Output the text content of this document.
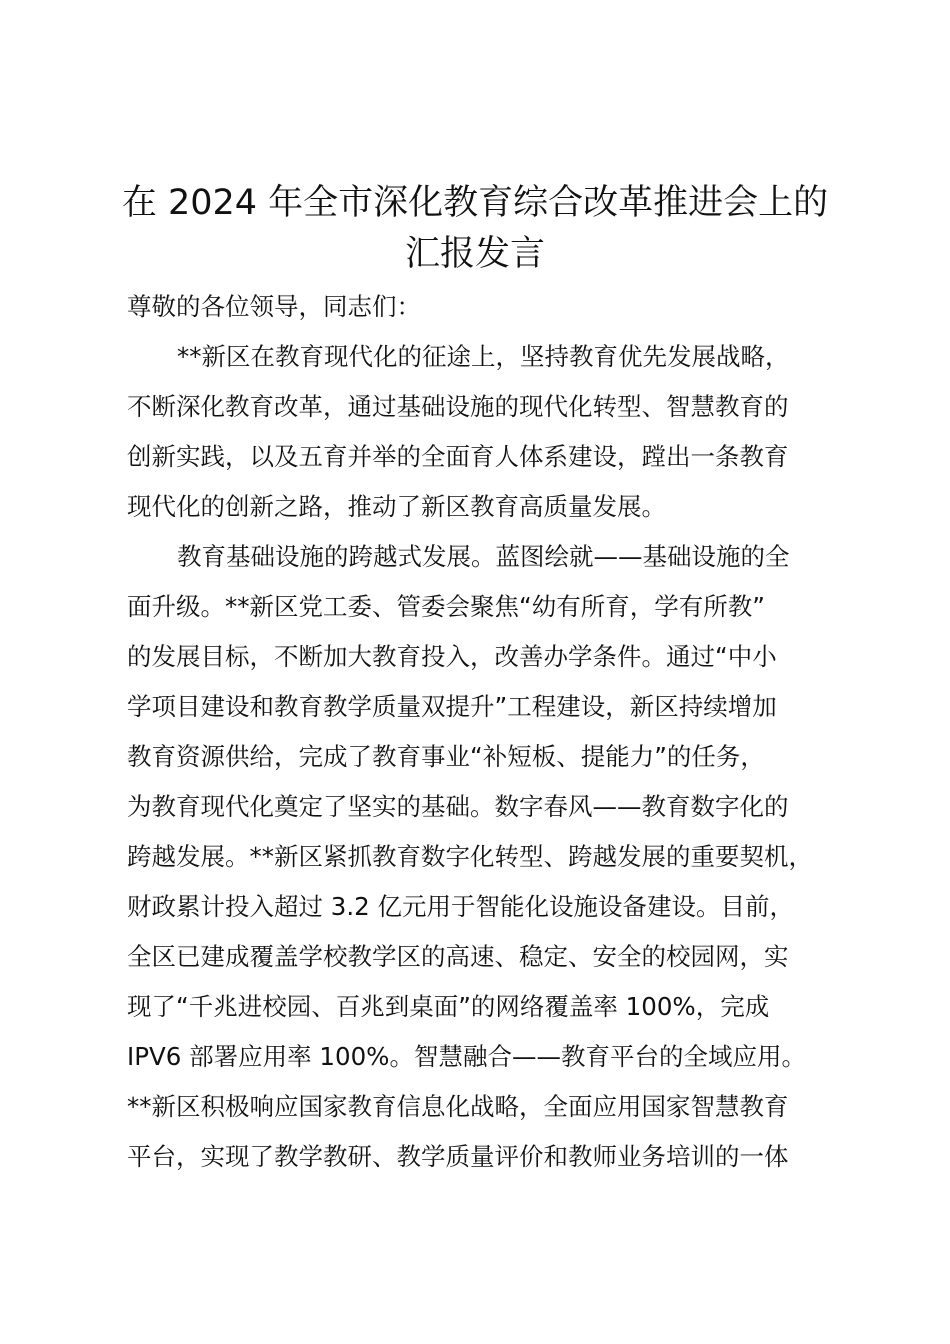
在 2024 年全市深化教育综合改革推进会上的
汇报发言
尊敬的各位领导，同志们：
**新区在教育现代化的征途上，坚持教育优先发展战略，
不断深化教育改革，通过基础设施的现代化转型、智慧教育的
创新实践，以及五育并举的全面育人体系建设，蹚出一条教育
现代化的创新之路，推动了新区教育高质量发展。
教育基础设施的跨越式发展。蓝图绘就——基础设施的全
面升级。**新区党工委、管委会聚焦“幼有所育，学有所教”
的发展目标，不断加大教育投入，改善办学条件。通过“中小
学项目建设和教育教学质量双提升”工程建设，新区持续增加
教育资源供给，完成了教育事业“补短板、提能力”的任务，
为教育现代化奠定了坚实的基础。数字春风——教育数字化的
跨越发展。**新区紧抓教育数字化转型、跨越发展的重要契机，
财政累计投入超过 3.2 亿元用于智能化设施设备建设。目前，
全区已建成覆盖学校教学区的高速、稳定、安全的校园网，实
现了“千兆进校园、百兆到桌面”的网络覆盖率 100%，完成
IPV6 部署应用率 100%。智慧融合——教育平台的全域应用。
**新区积极响应国家教育信息化战略，全面应用国家智慧教育
平台，实现了教学教研、教学质量评价和教师业务培训的一体
